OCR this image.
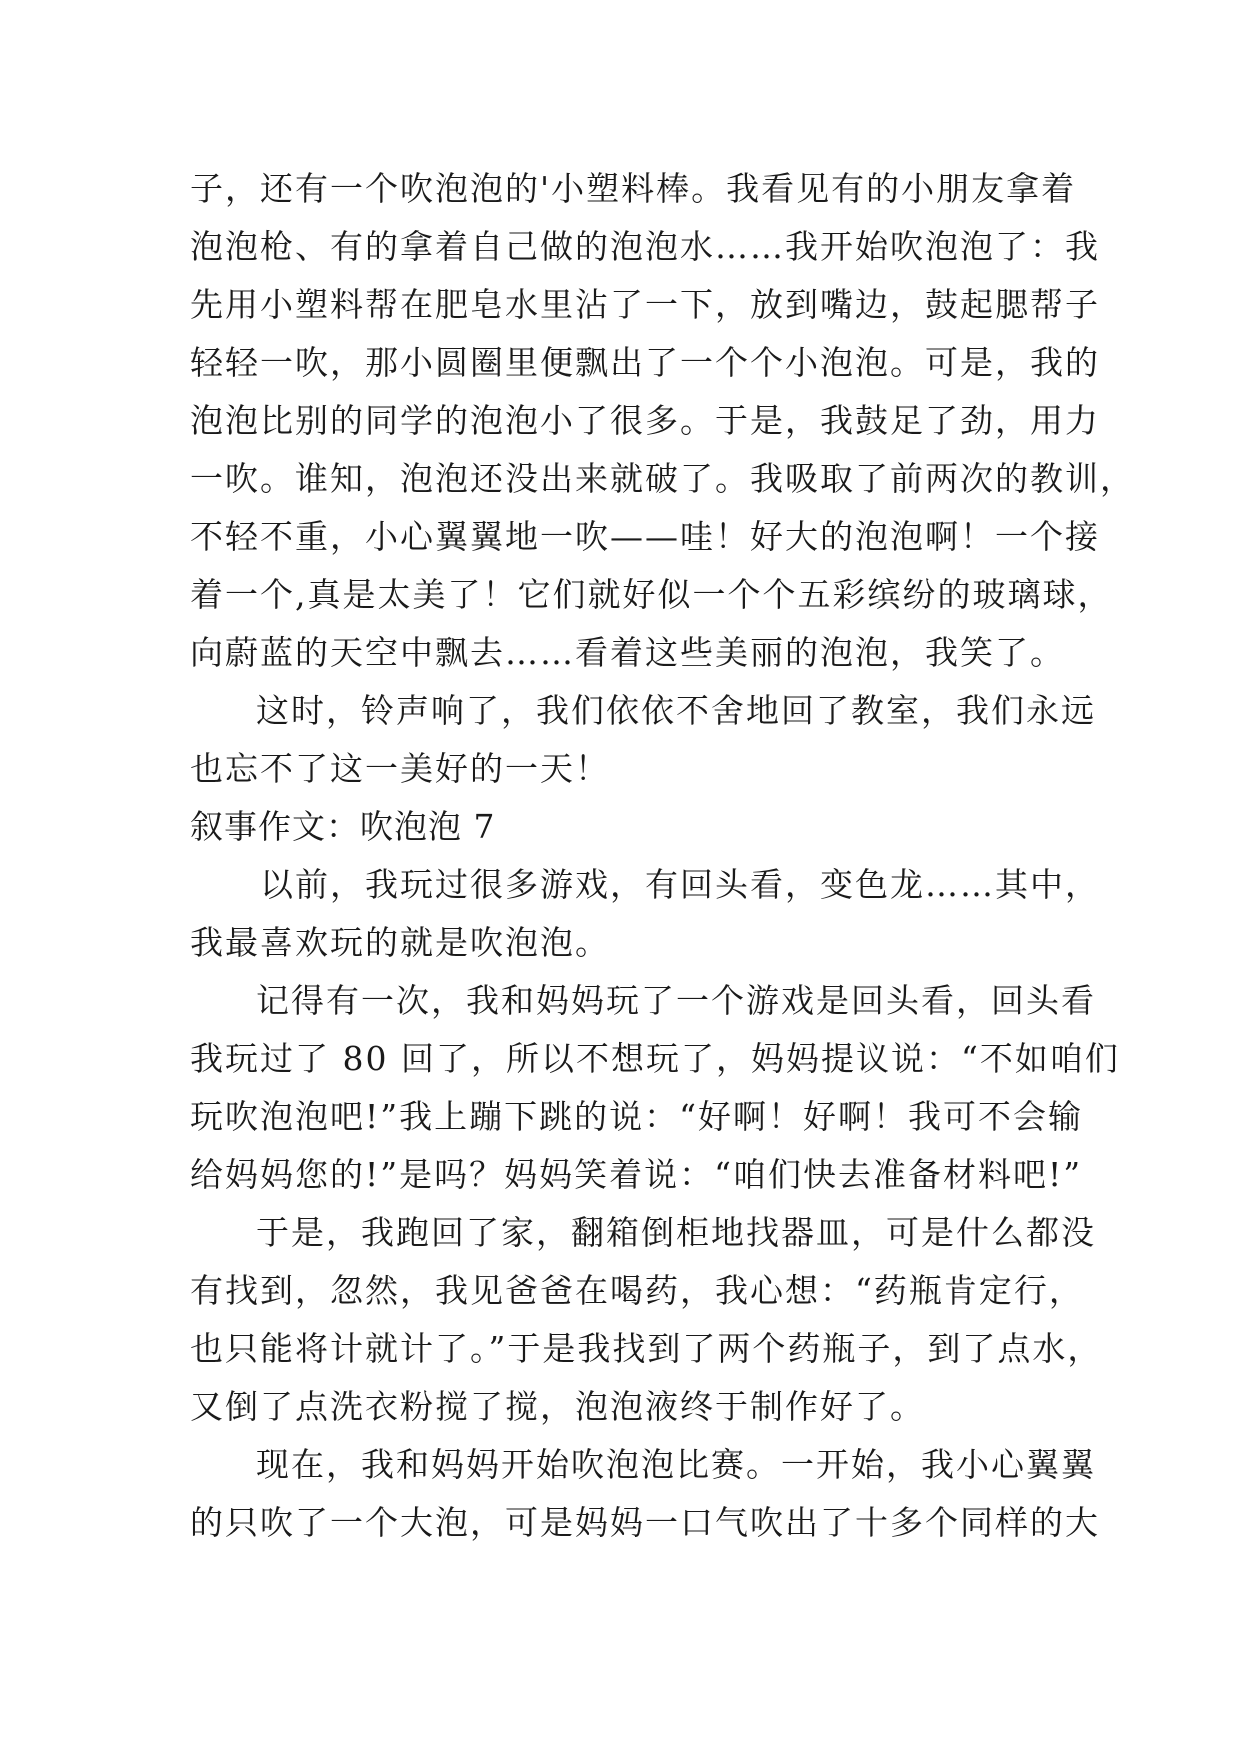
子，还有一个吹泡泡的'小塑料棒。我看见有的小朋友拿着
泡泡枪、有的拿着自己做的泡泡水……我开始吹泡泡了：我
先用小塑料帮在肥皂水里沾了一下，放到嘴边，鼓起腮帮子
轻轻一吹，那小圆圈里便飘出了一个个小泡泡。可是，我的
泡泡比别的同学的泡泡小了很多。于是，我鼓足了劲，用力
一吹。谁知，泡泡还没出来就破了。我吸取了前两次的教训，
不轻不重，小心翼翼地一吹——哇！好大的泡泡啊！一个接
着一个,真是太美了！它们就好似一个个五彩缤纷的玻璃球，
向蔚蓝的天空中飘去……看着这些美丽的泡泡，我笑了。
这时，铃声响了，我们依依不舍地回了教室，我们永远
也忘不了这一美好的一天！
叙事作文：吹泡泡 7
以前，我玩过很多游戏，有回头看，变色龙……其中，
我最喜欢玩的就是吹泡泡。
记得有一次，我和妈妈玩了一个游戏是回头看，回头看
我玩过了 80 回了，所以不想玩了，妈妈提议说：“不如咱们
玩吹泡泡吧!”我上蹦下跳的说：“好啊！好啊！我可不会输
给妈妈您的!”是吗？妈妈笑着说：“咱们快去准备材料吧!”
于是，我跑回了家，翻箱倒柜地找器皿，可是什么都没
有找到，忽然，我见爸爸在喝药，我心想：“药瓶肯定行，
也只能将计就计了。”于是我找到了两个药瓶子，到了点水，
又倒了点洗衣粉搅了搅，泡泡液终于制作好了。
现在，我和妈妈开始吹泡泡比赛。一开始，我小心翼翼
的只吹了一个大泡，可是妈妈一口气吹出了十多个同样的大
